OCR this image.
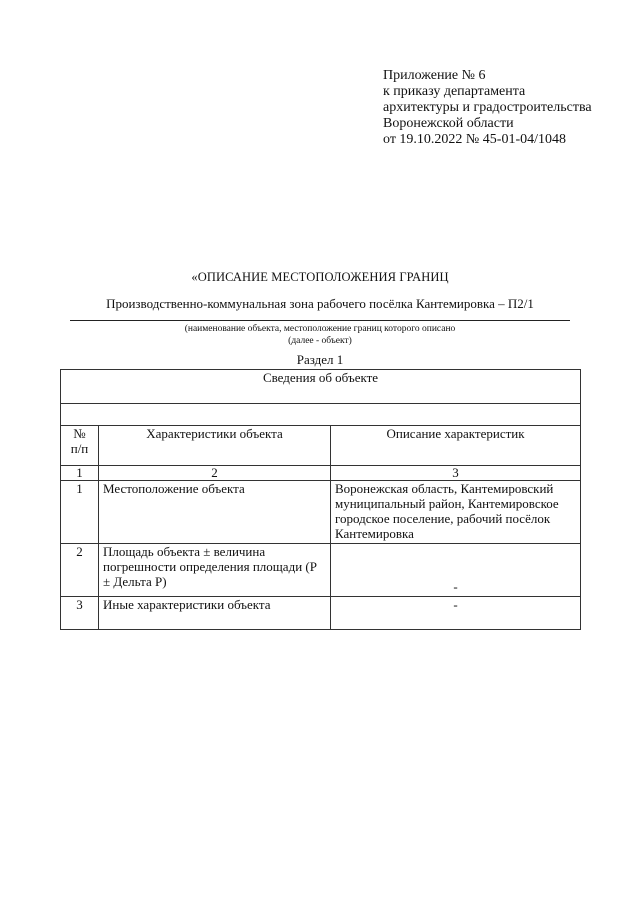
Приложение № 6
к приказу департамента
архитектуры и градостроительства
Воронежской области
от 19.10.2022 № 45-01-04/1048
«ОПИСАНИЕ МЕСТОПОЛОЖЕНИЯ ГРАНИЦ
Производственно-коммунальная зона рабочего посёлка Кантемировка – П2/1
(наименование объекта, местоположение границ которого описано
(далее - объект)
Раздел 1
Сведения об объекте		

№
п/п	Характеристики объекта	Описание характеристик
1	2	3
1	Местоположение объекта	Воронежская область, Кантемировский муниципальный район, Кантемировское городское поселение, рабочий посёлок Кантемировка
2	Площадь объекта ± величина погрешности определения площади (P ± Дельта P)	-
3	Иные характеристики объекта	-
